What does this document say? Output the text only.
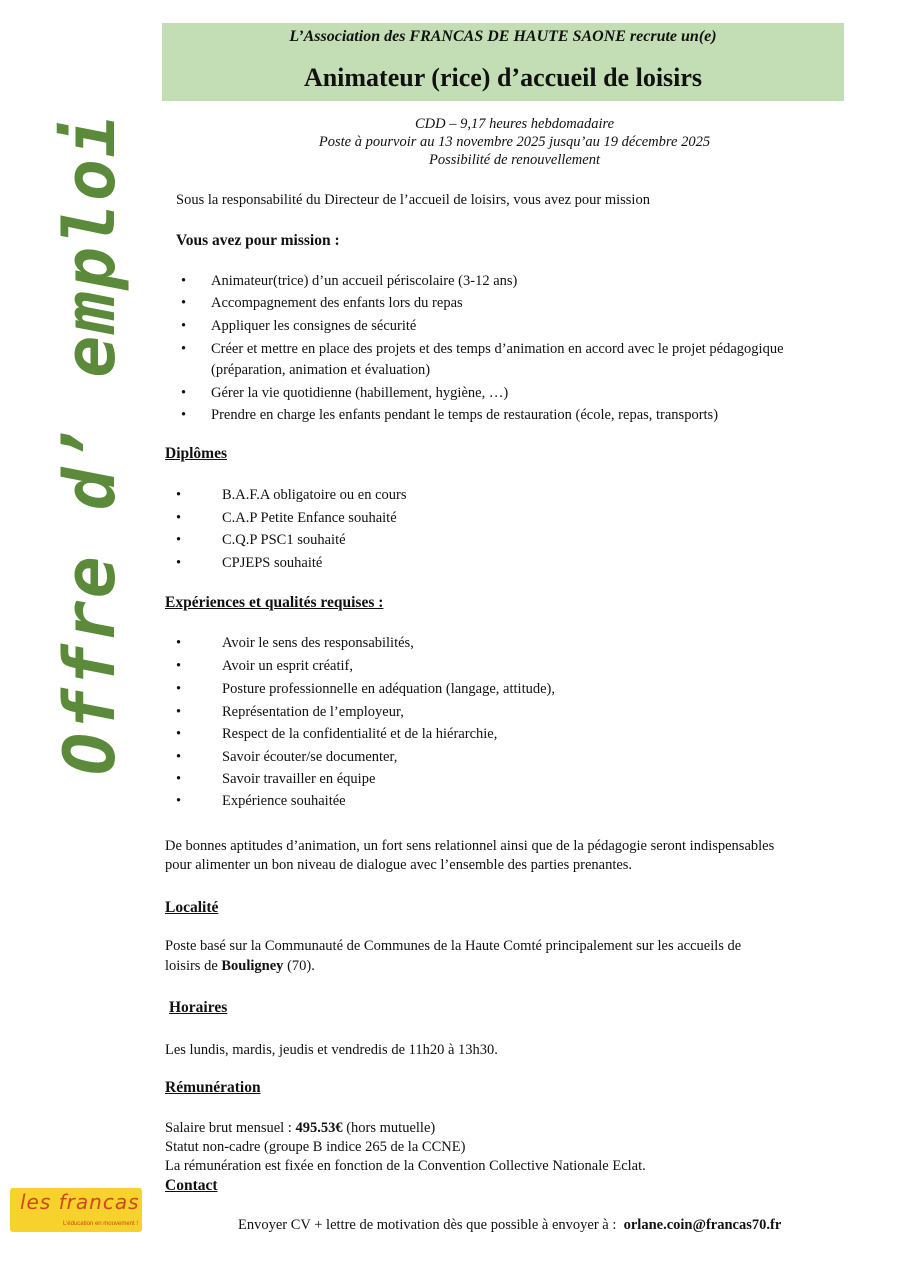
L’Association des FRANCAS DE HAUTE SAONE recrute un(e)
Animateur (rice) d’accueil de loisirs
CDD – 9,17 heures hebdomadaire
Poste à pourvoir au 13 novembre 2025 jusqu’au 19 décembre 2025
Possibilité de renouvellement
Offre d’ emploi	Sous la responsabilité du Directeur de l’accueil de loisirs, vous avez pour mission
Vous avez pour mission :
• Animateur(trice) d’un accueil périscolaire (3-12 ans)
• Accompagnement des enfants lors du repas
• Appliquer les consignes de sécurité
• Créer et mettre en place des projets et des temps d’animation en accord avec le projet pédagogique
(préparation, animation et évaluation)
• Gérer la vie quotidienne (habillement, hygiène, …)
• Prendre en charge les enfants pendant le temps de restauration (école, repas, transports)
Diplômes
•	B.A.F.A obligatoire ou en cours
•	C.A.P Petite Enfance souhaité
•	C.Q.P PSC1 souhaité
•	CPJEPS souhaité
Expériences et qualités requises :
•	Avoir le sens des responsabilités,
•	Avoir un esprit créatif,
•	Posture professionnelle en adéquation (langage, attitude),
•	Représentation de l’employeur,
•	Respect de la confidentialité et de la hiérarchie,
•	Savoir écouter/se documenter,
•	Savoir travailler en équipe
•	Expérience souhaitée
De bonnes aptitudes d’animation, un fort sens relationnel ainsi que de la pédagogie seront indispensables
pour alimenter un bon niveau de dialogue avec l’ensemble des parties prenantes.
Localité
Poste basé sur la Communauté de Communes de la Haute Comté principalement sur les accueils de
loisirs de Bouligney (70).
Horaires
Les lundis, mardis, jeudis et vendredis de 11h20 à 13h30.
Rémunération
Salaire brut mensuel : 495.53€ (hors mutuelle)
Statut non-cadre (groupe B indice 265 de la CCNE)
La rémunération est fixée en fonction de la Convention Collective Nationale Eclat.
Contact
Envoyer CV + lettre de motivation dès que possible à envoyer à : orlane.coin@francas70.fr
les francas
L’éducation en mouvement !
